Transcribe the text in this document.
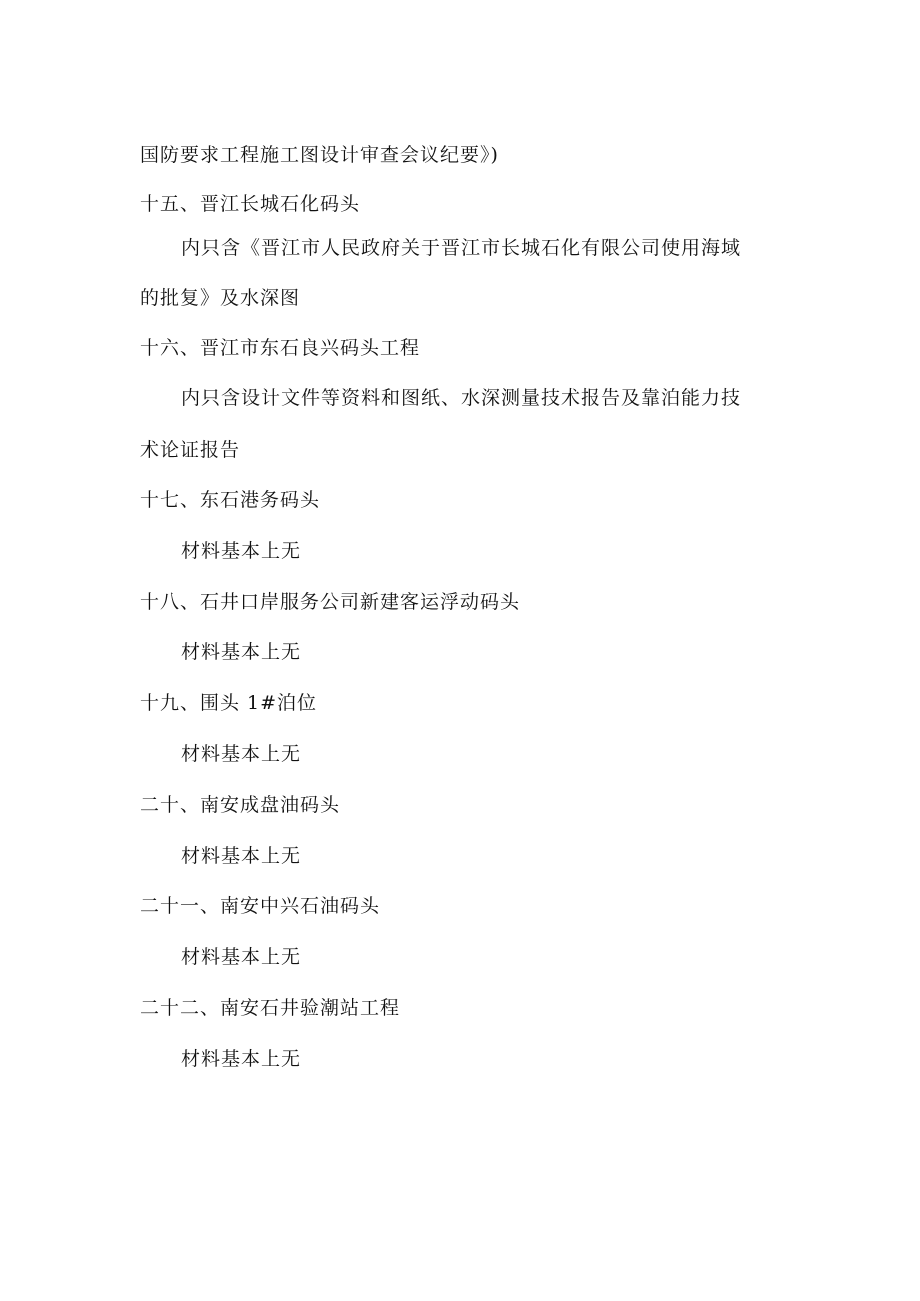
国防要求工程施工图设计审查会议纪要》)
十五、晋江长城石化码头
内只含《晋江市人民政府关于晋江市长城石化有限公司使用海域
的批复》及水深图
十六、晋江市东石良兴码头工程
内只含设计文件等资料和图纸、水深测量技术报告及靠泊能力技
术论证报告
十七、东石港务码头
材料基本上无
十八、石井口岸服务公司新建客运浮动码头
材料基本上无
十九、围头 1#泊位
材料基本上无
二十、南安成盘油码头
材料基本上无
二十一、南安中兴石油码头
材料基本上无
二十二、南安石井验潮站工程
材料基本上无
